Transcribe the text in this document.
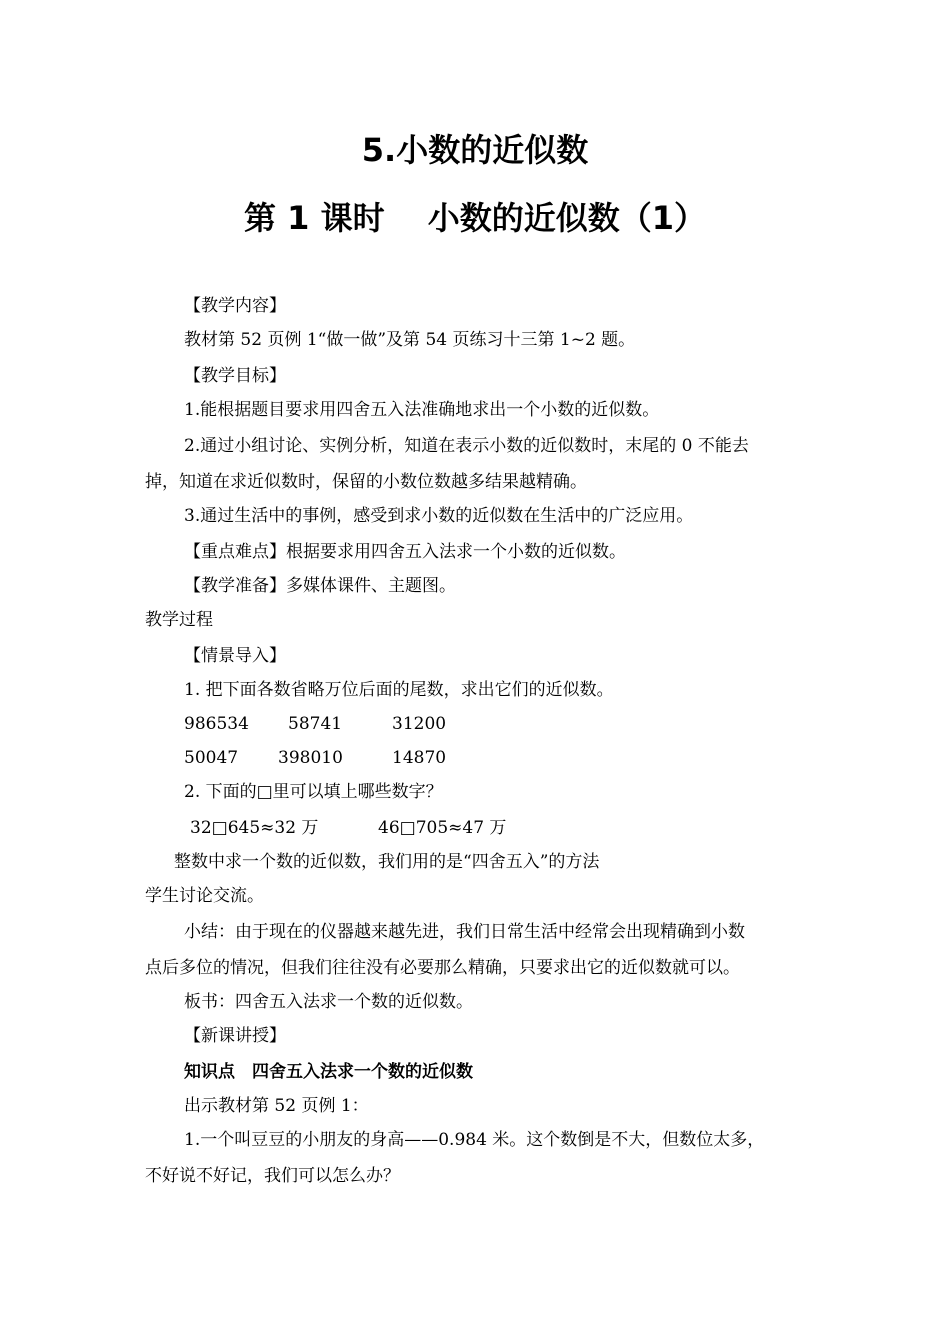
5.小数的近似数
第 1 课时　 小数的近似数（1）

【教学内容】

教材第 52 页例 1“做一做”及第 54 页练习十三第 1~2 题。

【教学目标】

1.能根据题目要求用四舍五入法准确地求出一个小数的近似数。

2.通过小组讨论、实例分析，知道在表示小数的近似数时，末尾的 0 不能去

掉，知道在求近似数时，保留的小数位数越多结果越精确。

3.通过生活中的事例，感受到求小数的近似数在生活中的广泛应用。

【重点难点】根据要求用四舍五入法求一个小数的近似数。

【教学准备】多媒体课件、主题图。

教学过程

【情景导入】

1. 把下面各数省略万位后面的尾数，求出它们的近似数。

986534 58741	31200
50047 398010	14870

2. 下面的□里可以填上哪些数字？

32□645≈32 万	46□705≈47 万

整数中求一个数的近似数，我们用的是“四舍五入”的方法

学生讨论交流。

小结：由于现在的仪器越来越先进，我们日常生活中经常会出现精确到小数

点后多位的情况，但我们往往没有必要那么精确，只要求出它的近似数就可以。

板书：四舍五入法求一个数的近似数。

【新课讲授】

知识点　四舍五入法求一个数的近似数

出示教材第 52 页例 1：

1.一个叫豆豆的小朋友的身高——0.984 米。这个数倒是不大，但数位太多，

不好说不好记，我们可以怎么办？
